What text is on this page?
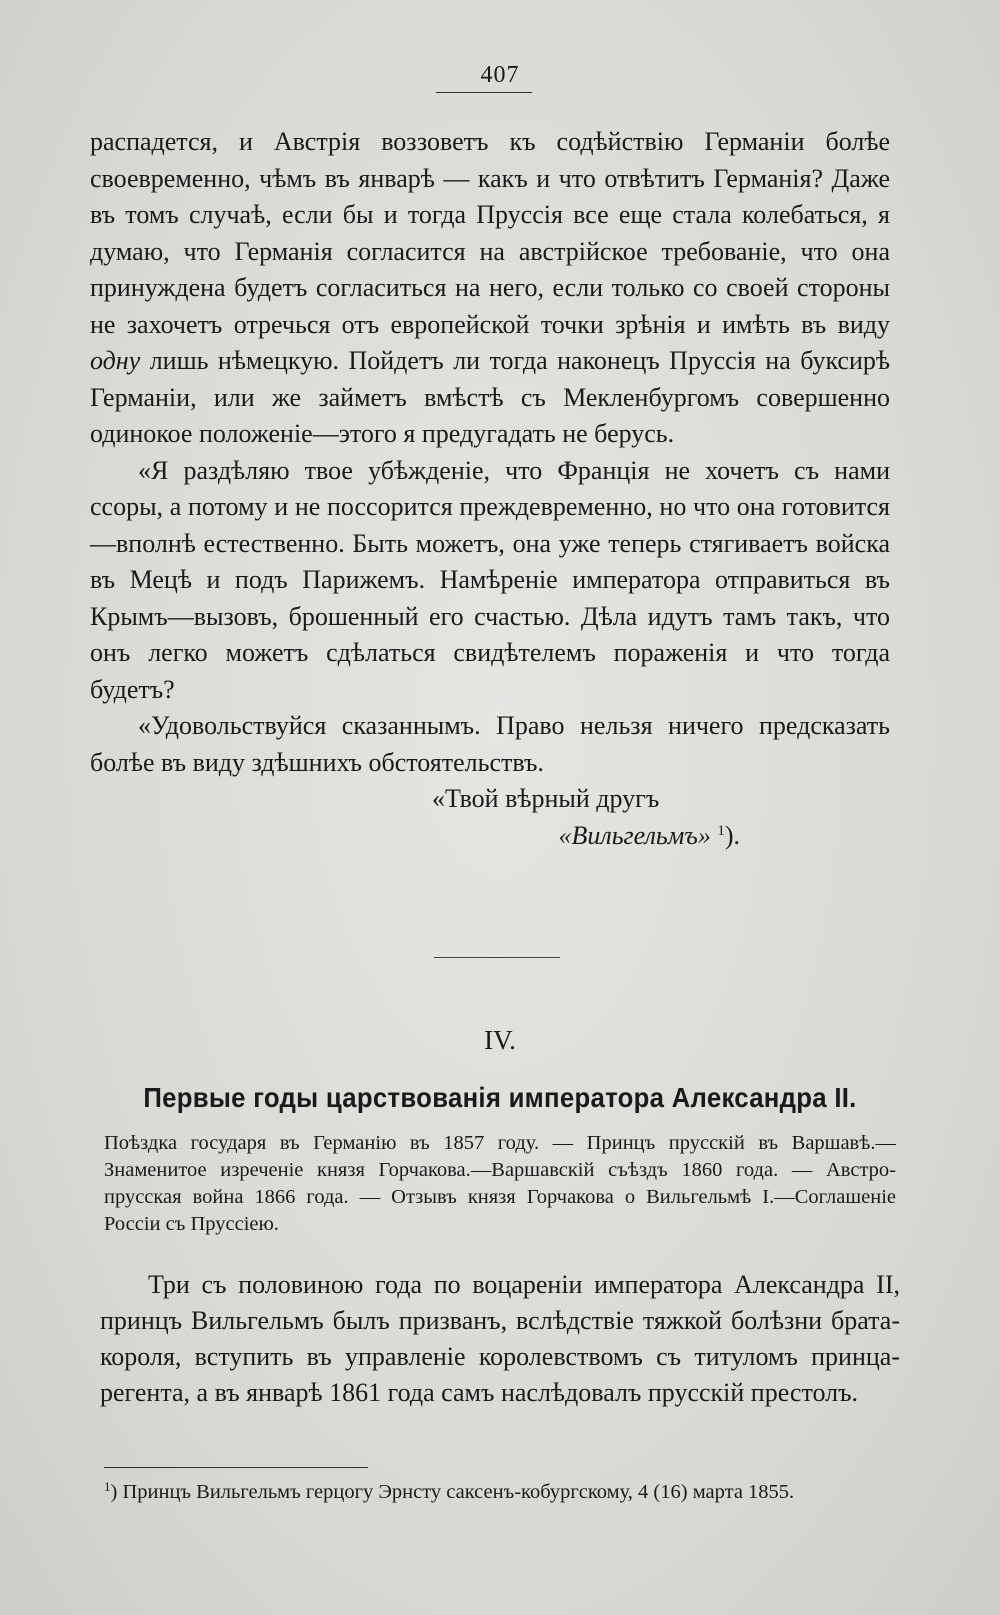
407

распадется, и Австрія воззоветъ къ содѣйствію Германіи болѣе своевременно, чѣмъ въ январѣ — какъ и что отвѣтитъ Германія? Даже въ томъ случаѣ, если бы и тогда Пруссія все еще стала колебаться, я думаю, что Германія согласится на австрійское требованіе, что она принуждена будетъ согласиться на него, если только со своей стороны не захочетъ отречься отъ европейской точки зрѣнія и имѣть въ виду одну лишь нѣмецкую. Пойдетъ ли тогда наконецъ Пруссія на буксирѣ Германіи, или же займетъ вмѣстѣ съ Мекленбургомъ совершенно одинокое положеніе—этого я предугадать не берусь.

«Я раздѣляю твое убѣжденіе, что Францiя не хочетъ съ нами ссоры, а потому и не поссорится преждевременно, но что она готовится—вполнѣ естественно. Быть можетъ, она уже теперь стягиваетъ войска въ Мецѣ и подъ Парижемъ. Намѣреніе императора отправиться въ Крымъ—вызовъ, брошенный его счастью. Дѣла идутъ тамъ такъ, что онъ легко можетъ сдѣлаться свидѣтелемъ пораженія и что тогда будетъ?

«Удовольствуйся сказаннымъ. Право нельзя ничего предсказать болѣе въ виду здѣшнихъ обстоятельствъ.

«Твой вѣрный другъ

«Вильгельмъ» $^1$).

IV.
Первые годы царствованія императора Александра II.
Поѣздка государя въ Германію въ 1857 году. — Принцъ прусскій въ Варшавѣ.—Знаменитое изреченіе князя Горчакова.—Варшавскій съѣздъ 1860 года. — Австро-прусская война 1866 года. — Отзывъ князя Горчакова о Вильгельмѣ I.—Соглашеніе Россіи съ Пруссіею.

Три съ половиною года по воцареніи императора Александра II, принцъ Вильгельмъ былъ призванъ, вслѣдствіе тяжкой болѣзни брата-короля, вступить въ управленіе королевствомъ съ титуломъ принца-регента, а въ январѣ 1861 года самъ наслѣдовалъ прусскій престолъ.

$^1$) Принцъ Вильгельмъ герцогу Эрнсту саксенъ-кобургскому, 4 (16) марта 1855.
